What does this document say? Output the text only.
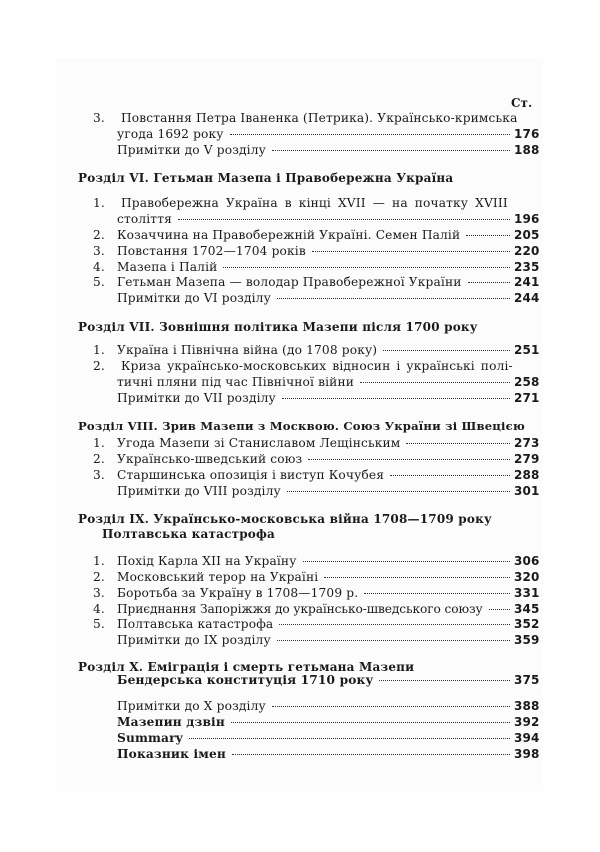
Ст.
3. Повстання Петра Іваненка (Петрика). Українсько-кримська
угода 1692 року	176
Примітки до V розділу	188
Розділ VI. Гетьман Мазепа і Правобережна Україна
1. Правобережна Україна в кінці XVII — на початку XVIII
століття	196
2. Козаччина на Правобережній Україні. Семен Палій	205
3. Повстання 1702—1704 років	220
4. Мазепа і Палій	235
5. Гетьман Мазепа — володар Правобережної України	241
Примітки до VI розділу	244
Розділ VII. Зовнішня політика Мазепи після 1700 року
1. Україна і Північна війна (до 1708 року)	251
2. Криза українсько-московських відносин і українські полі-
тичні пляни під час Північної війни	258
Примітки до VII розділу	271
Розділ VIII. Зрив Мазепи з Москвою. Союз України зі Швецією
1. Угода Мазепи зі Станиславом Лещінським	273
2. Українсько-шведський союз	279
3. Старшинська опозиція і виступ Кочубея	288
Примітки до VIII розділу	301
Розділ IX. Українсько-московська війна 1708—1709 року
Полтавська катастрофа
1. Похід Карла XII на Україну	306
2. Московський терор на Україні	320
3. Боротьба за Україну в 1708—1709 р.	331
4. Приєднання Запоріжжя до українсько-шведського союзу	345
5. Полтавська катастрофа	352
Примітки до IX розділу	359
Розділ X. Еміграція і смерть гетьмана Мазепи
Бендерська конституція 1710 року	375
Примітки до X розділу	388
Мазепин дзвін	392
Summary	394
Показник імен	398
